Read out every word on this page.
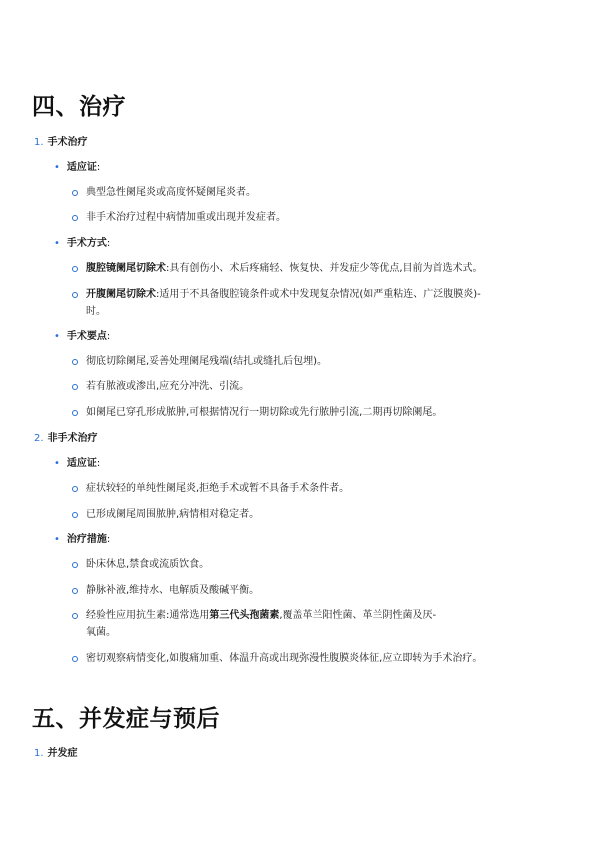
四、治疗
1. 手术治疗
• 适应证:
典型急性阑尾炎或高度怀疑阑尾炎者。
非手术治疗过程中病情加重或出现并发症者。
• 手术方式:
腹腔镜阑尾切除术:具有创伤小、术后疼痛轻、恢复快、并发症少等优点,目前为首选术式。
开腹阑尾切除术:适用于不具备腹腔镜条件或术中发现复杂情况(如严重粘连、广泛腹膜炎)-
时。
• 手术要点:
彻底切除阑尾,妥善处理阑尾残端(结扎或缝扎后包埋)。
若有脓液或渗出,应充分冲洗、引流。
如阑尾已穿孔形成脓肿,可根据情况行一期切除或先行脓肿引流,二期再切除阑尾。
2. 非手术治疗
• 适应证:
症状较轻的单纯性阑尾炎,拒绝手术或暂不具备手术条件者。
已形成阑尾周围脓肿,病情相对稳定者。
• 治疗措施:
卧床休息,禁食或流质饮食。
静脉补液,维持水、电解质及酸碱平衡。
经验性应用抗生素:通常选用第三代头孢菌素,覆盖革兰阳性菌、革兰阴性菌及厌-
氧菌。
密切观察病情变化,如腹痛加重、体温升高或出现弥漫性腹膜炎体征,应立即转为手术治疗。
五、并发症与预后
1. 并发症
